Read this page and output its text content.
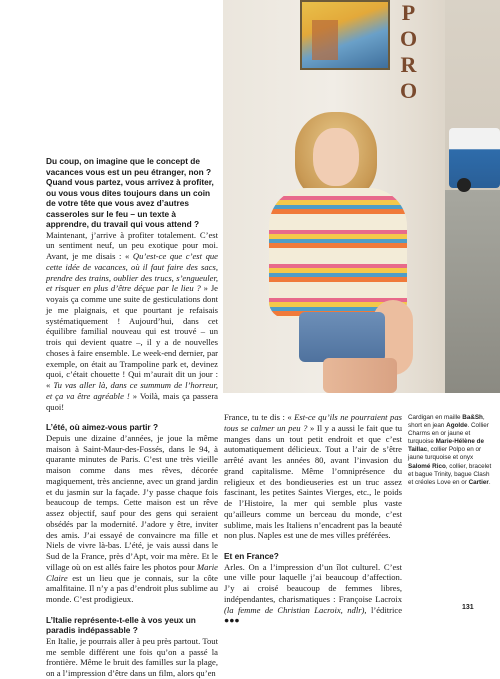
PORO

Du coup, on imagine que le concept de vacances vous est un peu étranger, non ? Quand vous partez, vous arrivez à profiter, ou vous vous dites toujours dans un coin de votre tête que vous avez d’autres casseroles sur le feu – un texte à apprendre, du travail qui vous attend ?

Maintenant, j’arrive à profiter totalement. C’est un sentiment neuf, un peu exotique pour moi. Avant, je me disais : « Qu’est-ce que c’est que cette idée de vacances, où il faut faire des sacs, prendre des trains, oublier des trucs, s’engueuler, et risquer en plus d’être déçue par le lieu ? » Je voyais ça comme une suite de gesticulations dont je me plaignais, et que pourtant je refaisais systématiquement ! Aujourd’hui, dans cet équilibre familial nouveau qui est trouvé – un trois qui devient quatre –, il y a de nouvelles choses à faire ensemble. Le week-end dernier, par exemple, on était au Trampoline park et, devinez quoi, c’était chouette ! Qui m’aurait dit un jour : « Tu vas aller là, dans ce summum de l’horreur, et ça va être agréable ! » Voilà, mais ça passera quoi!

L’été, où aimez-vous partir ?

Depuis une dizaine d’années, je joue la même maison à Saint-Maur-des-Fossés, dans le 94, à quarante minutes de Paris. C’est une très vieille maison comme dans mes rêves, décorée magiquement, très ancienne, avec un grand jardin et du jasmin sur la façade. J’y passe chaque fois beaucoup de temps. Cette maison est un rêve assez objectif, sauf pour des gens qui seraient obsédés par la modernité. J’adore y être, inviter des amis. J’ai essayé de convaincre ma fille et Niels de vivre là-bas. L’été, je vais aussi dans le Sud de la France, près d’Apt, voir ma mère. Et le village où on est allés faire les photos pour Marie Claire est un lieu que je connais, sur la côte amalfitaine. Il n’y a pas d’endroit plus sublime au monde. C’est prodigieux.

L’Italie représente-t-elle à vos yeux un paradis indépassable ?

En Italie, je pourrais aller à peu près partout. Tout me semble différent une fois qu’on a passé la frontière. Même le bruit des familles sur la plage, on a l’impression d’être dans un film, alors qu’en

France, tu te dis : « Est-ce qu’ils ne pourraient pas tous se calmer un peu ? » Il y a aussi le fait que tu manges dans un tout petit endroit et que c’est automatiquement délicieux. Tout a l’air de s’être arrêté avant les années 80, avant l’invasion du grand capitalisme. Même l’omniprésence du religieux et des bondieuseries est un truc assez fascinant, les petites Saintes Vierges, etc., le poids de l’Histoire, la mer qui semble plus vaste qu’ailleurs comme un berceau du monde, c’est sublime, mais les Italiens n’encadrent pas la beauté non plus. Naples est une de mes villes préférées.

Et en France?

Arles. On a l’impression d’un îlot culturel. C’est une ville pour laquelle j’ai beaucoup d’affection. J’y ai croisé beaucoup de femmes libres, indépendantes, charismatiques : Françoise Lacroix (la femme de Christian Lacroix, ndlr), l’éditrice ●●●

Cardigan en maille Ba&Sh, short en jean Agolde. Collier Charms en or jaune et turquoise Marie-Hélène de Taillac, collier Polpo en or jaune turquoise et onyx Salomé Rico, collier, bracelet et bague Trinity, bague Clash et créoles Love en or Cartier.
131
